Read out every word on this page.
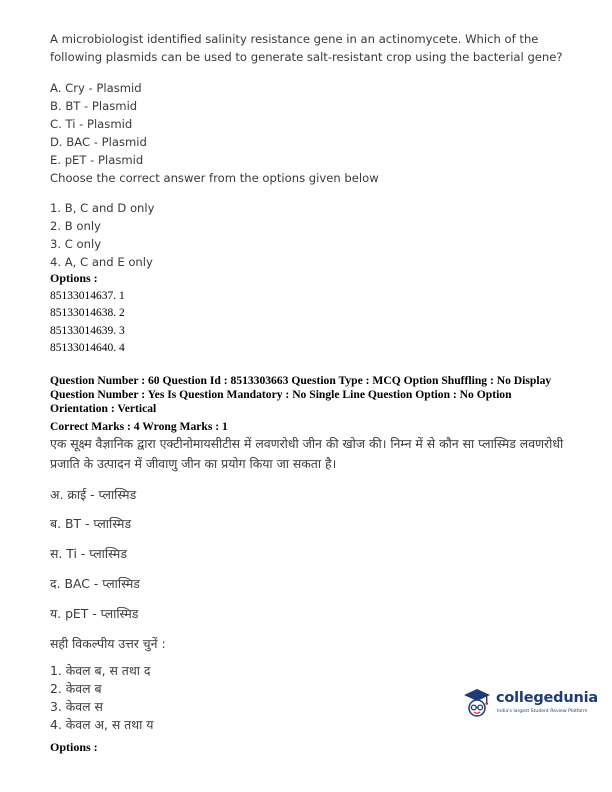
A microbiologist identified salinity resistance gene in an actinomycete. Which of the following plasmids can be used to generate salt-resistant crop using the bacterial gene?
A. Cry - Plasmid
B. BT - Plasmid
C. Ti - Plasmid
D. BAC - Plasmid
E. pET - Plasmid
Choose the correct answer from the options given below
1. B, C and D only
2. B only
3. C only
4. A, C and E only
Options :
85133014637. 1
85133014638. 2
85133014639. 3
85133014640. 4
Question Number : 60 Question Id : 8513303663 Question Type : MCQ Option Shuffling : No Display
Question Number : Yes Is Question Mandatory : No Single Line Question Option : No Option
Orientation : Vertical
Correct Marks : 4 Wrong Marks : 1
एक सूक्ष्म वैज्ञानिक द्वारा एक्टीनोमायसीटीस में लवणरोधी जीन की खोज की। निम्न में से कौन सा प्लास्मिड लवणरोधी प्रजाति के उत्पादन में जीवाणु जीन का प्रयोग किया जा सकता है।
अ. क्राई - प्लास्मिड
ब. BT - प्लास्मिड
स. Ti - प्लास्मिड
द. BAC - प्लास्मिड
य. pET - प्लास्मिड
सही विकल्पीय उत्तर चुनें :
1. केवल ब, स तथा द
2. केवल ब
3. केवल स
4. केवल अ, स तथा य
Options :
collegedunia
India's largest Student Review Platform
